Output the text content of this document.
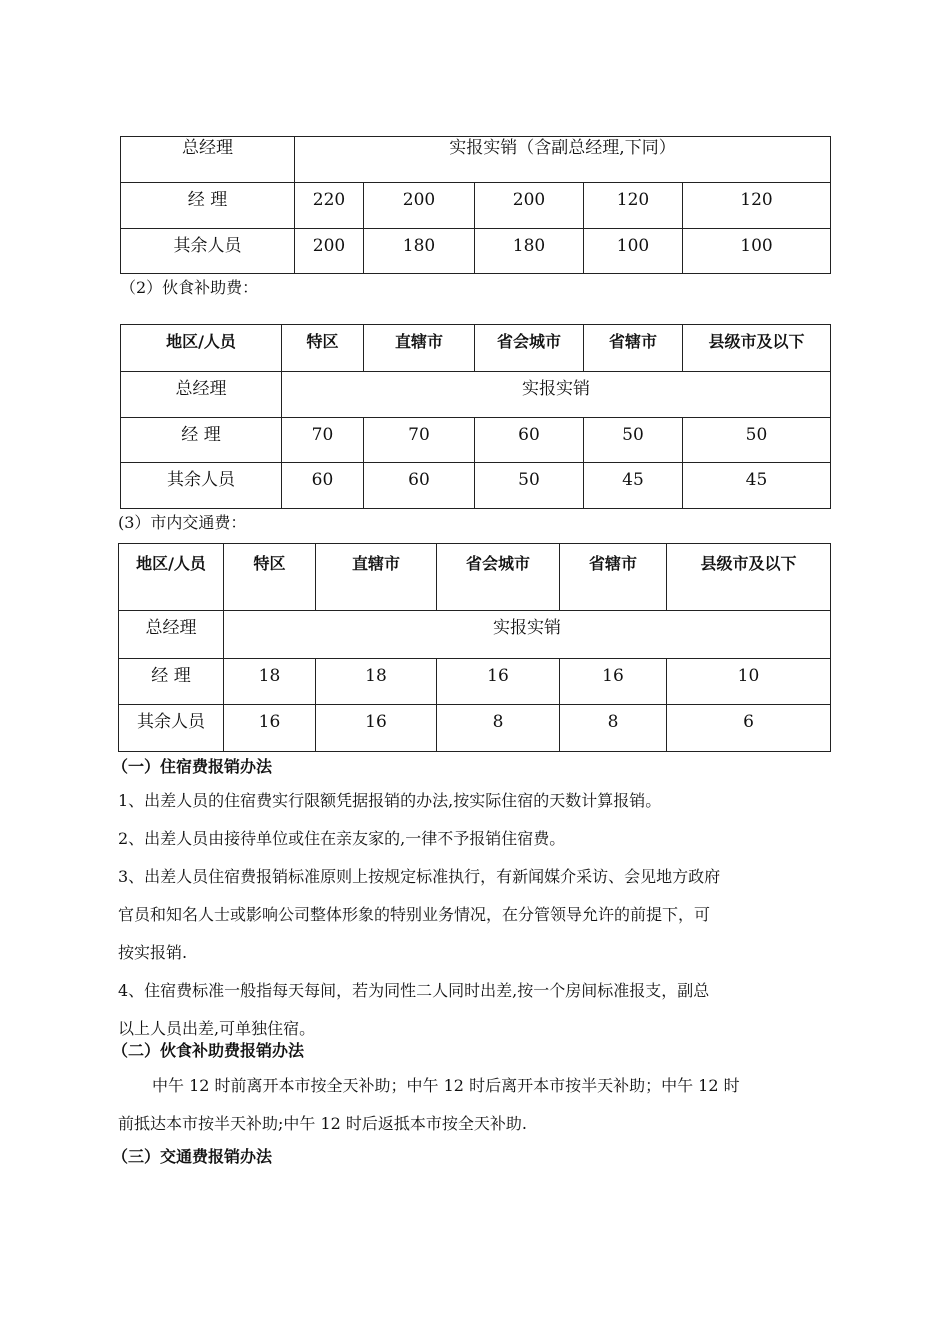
总经理	实报实销（含副总经理,下同）				
经 理	220	200	200	120	120
其余人员	200	180	180	100	100
（2）伙食补助费：
地区/人员	特区	直辖市	省会城市	省辖市	县级市及以下
总经理	实报实销				
经 理	70	70	60	50	50
其余人员	60	60	50	45	45
(3）市内交通费：
地区/人员	特区	直辖市	省会城市	省辖市	县级市及以下
总经理	实报实销				
经 理	18	18	16	16	10
其余人员	16	16	8	8	6
（一）住宿费报销办法
1、出差人员的住宿费实行限额凭据报销的办法,按实际住宿的天数计算报销。
2、出差人员由接待单位或住在亲友家的,一律不予报销住宿费。
3、出差人员住宿费报销标准原则上按规定标准执行，有新闻媒介采访、会见地方政府
官员和知名人士或影响公司整体形象的特别业务情况，在分管领导允许的前提下，可
按实报销.
4、住宿费标准一般指每天每间，若为同性二人同时出差,按一个房间标准报支，副总
以上人员出差,可单独住宿。
（二）伙食补助费报销办法
中午 12 时前离开本市按全天补助；中午 12 时后离开本市按半天补助；中午 12 时
前抵达本市按半天补助;中午 12 时后返抵本市按全天补助.
（三）交通费报销办法
